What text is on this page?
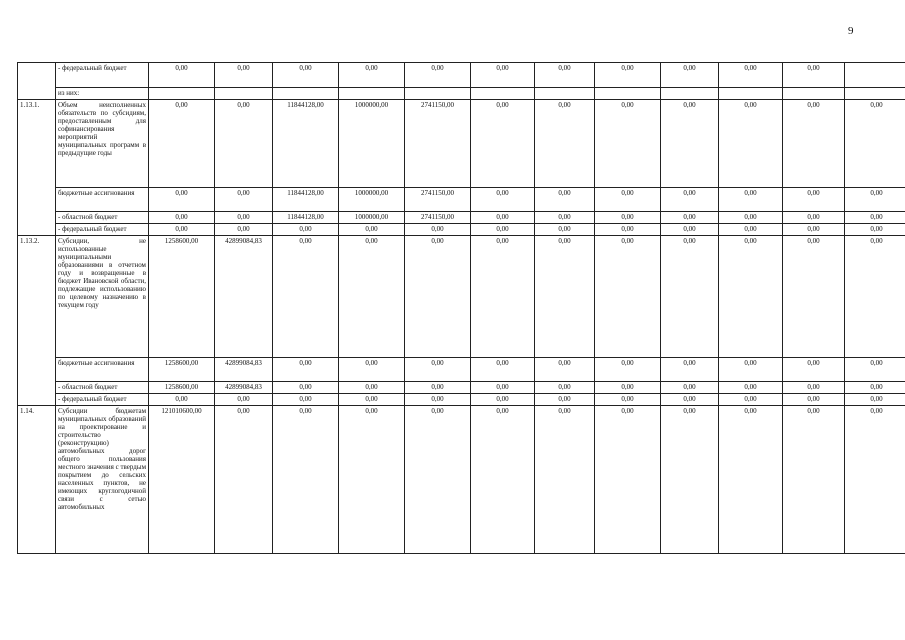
9
	- федеральный бюджет	0,00	0,00	0,00	0,00	0,00	0,00	0,00	0,00	0,00	0,00	0,00	
	из них:												
1.13.1.	Объем неисполненных обязательств по субсидиям, предоставленным для софинансирования мероприятий муниципальных программ в предыдущие годы	0,00	0,00	11844128,00	1000000,00	2741150,00	0,00	0,00	0,00	0,00	0,00	0,00	0,00
	бюджетные ассигнования	0,00	0,00	11844128,00	1000000,00	2741150,00	0,00	0,00	0,00	0,00	0,00	0,00	0,00
	- областной бюджет	0,00	0,00	11844128,00	1000000,00	2741150,00	0,00	0,00	0,00	0,00	0,00	0,00	0,00
	- федеральный бюджет	0,00	0,00	0,00	0,00	0,00	0,00	0,00	0,00	0,00	0,00	0,00	0,00
1.13.2.	Субсидии, не использованные муниципальными образованиями в отчетном году и возвращенные в бюджет Ивановской области, подлежащие использованию по целевому назначению в текущем году	1258600,00	42899084,83	0,00	0,00	0,00	0,00	0,00	0,00	0,00	0,00	0,00	0,00
	бюджетные ассигнования	1258600,00	42899084,83	0,00	0,00	0,00	0,00	0,00	0,00	0,00	0,00	0,00	0,00
	- областной бюджет	1258600,00	42899084,83	0,00	0,00	0,00	0,00	0,00	0,00	0,00	0,00	0,00	0,00
	- федеральный бюджет	0,00	0,00	0,00	0,00	0,00	0,00	0,00	0,00	0,00	0,00	0,00	0,00
1.14.	Субсидии бюджетам муниципальных образований на проектирование и строительство (реконструкцию) автомобильных дорог общего пользования местного значения с твердым покрытием до сельских населенных пунктов, не имеющих круглогодичной связи с сетью автомобильных	121010600,00	0,00	0,00	0,00	0,00	0,00	0,00	0,00	0,00	0,00	0,00	0,00
